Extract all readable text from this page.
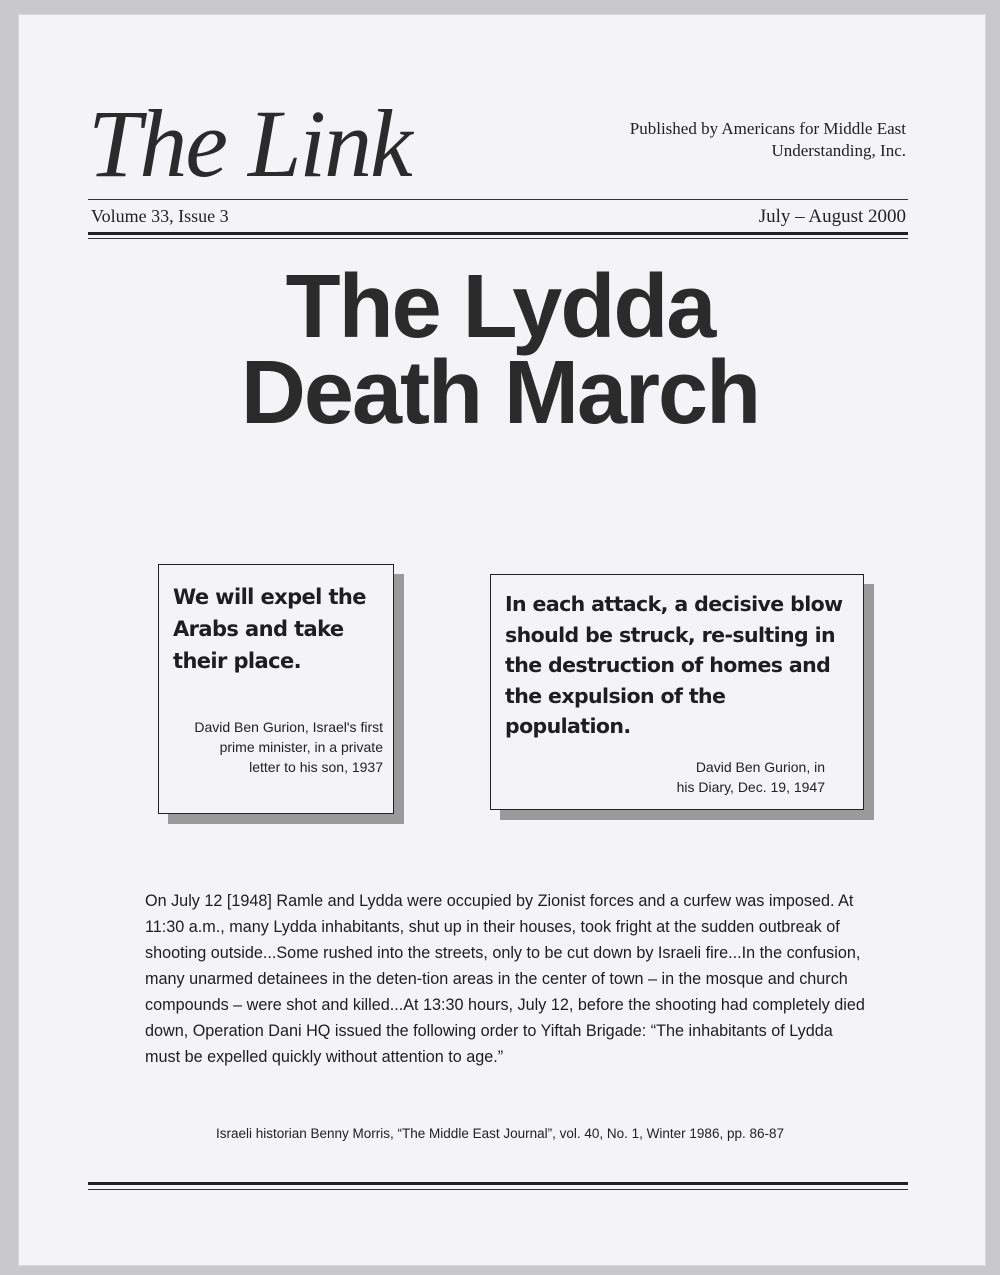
The Link	Published by Americans for Middle East Understanding, Inc.
Volume 33, Issue 3	July – August 2000
The Lydda
Death March
We will expel the Arabs and take their place.
David Ben Gurion, Israel's first
prime minister, in a private
letter to his son, 1937
In each attack, a decisive blow should be struck, re-sulting in the destruction of homes and the expulsion of the population.
David Ben Gurion, in
his Diary, Dec. 19, 1947
On July 12 [1948] Ramle and Lydda were occupied by Zionist forces and a curfew was imposed. At 11:30 a.m., many Lydda inhabitants, shut up in their houses, took fright at the sudden outbreak of shooting outside...Some rushed into the streets, only to be cut down by Israeli fire...In the confusion, many unarmed detainees in the deten-tion areas in the center of town – in the mosque and church compounds – were shot and killed...At 13:30 hours, July 12, before the shooting had completely died down, Operation Dani HQ issued the following order to Yiftah Brigade: “The inhabitants of Lydda must be expelled quickly without attention to age.”
Israeli historian Benny Morris, “The Middle East Journal”, vol. 40, No. 1, Winter 1986, pp. 86-87
